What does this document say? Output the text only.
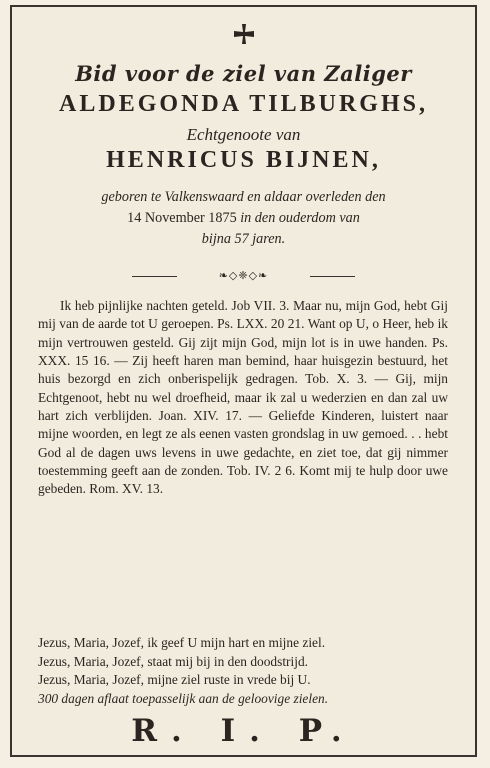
Bid voor de ziel van Zaliger
ALDEGONDA TILBURGHS,
Echtgenoote van
HENRICUS BIJNEN,
geboren te Valkenswaard en aldaar overleden den
14 November 1875 in den ouderdom van
bijna 57 jaren.
❧◇❈◇❧

Ik heb pijnlijke nachten geteld. Job VII. 3. Maar nu, mijn God, hebt Gij mij van de aarde tot U geroepen. Ps. LXX. 20 21. Want op U, o Heer, heb ik mijn vertrouwen gesteld. Gij zijt mijn God, mijn lot is in uwe handen. Ps. XXX. 15 16. — Zij heeft haren man bemind, haar huisgezin bestuurd, het huis bezorgd en zich onberispelijk gedragen. Tob. X. 3. — Gij, mijn Echtgenoot, hebt nu wel droefheid, maar ik zal u wederzien en dan zal uw hart zich verblijden. Joan. XIV. 17. — Geliefde Kinderen, luistert naar mijne woorden, en legt ze als eenen vasten grondslag in uw gemoed. . . hebt God al de dagen uws levens in uwe gedachte, en ziet toe, dat gij nimmer toestemming geeft aan de zonden. Tob. IV. 2 6. Komt mij te hulp door uwe gebeden. Rom. XV. 13.

Jezus, Maria, Jozef, ik geef U mijn hart en mijne ziel.
Jezus, Maria, Jozef, staat mij bij in den doodstrijd.
Jezus, Maria, Jozef, mijne ziel ruste in vrede bij U.
300 dagen aflaat toepasselijk aan de geloovige zielen.
R. I. P.
